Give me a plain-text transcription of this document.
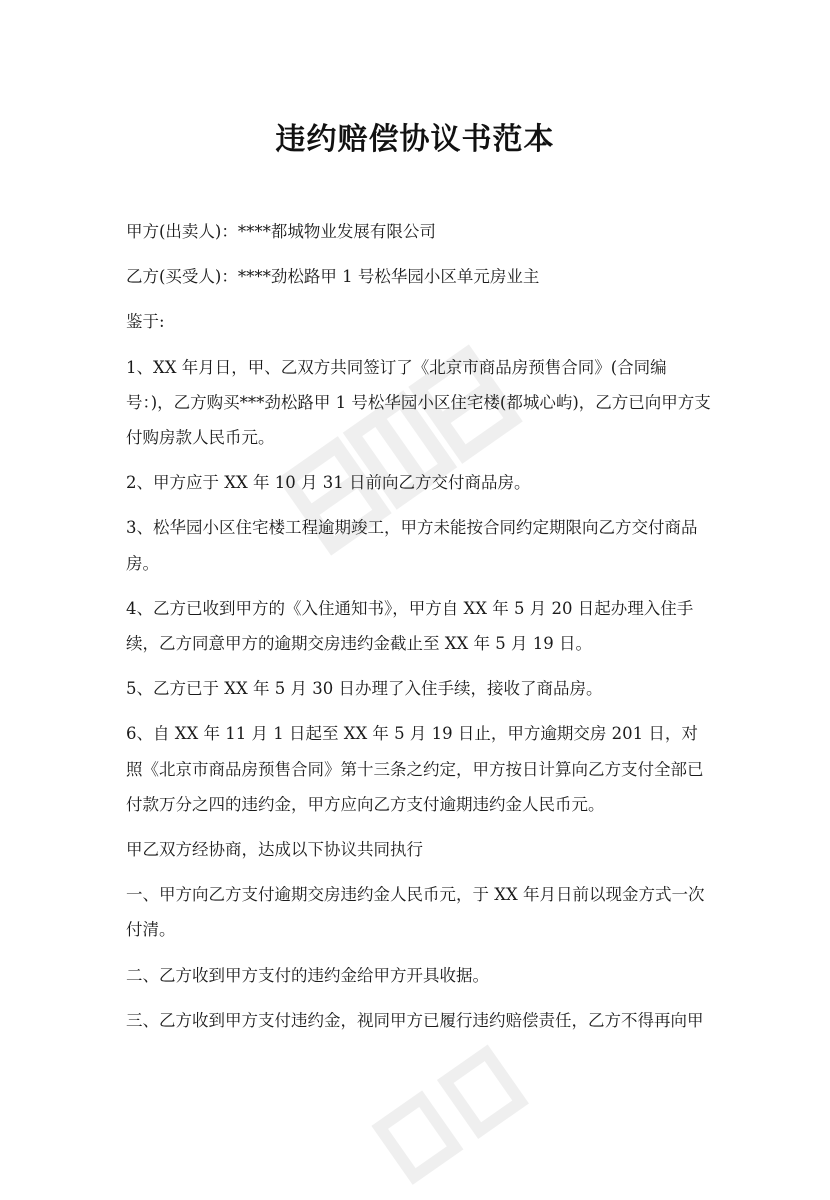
违约赔偿协议书范本

甲方(出卖人)：****都城物业发展有限公司

乙方(买受人)：****劲松路甲 1 号松华园小区单元房业主

鉴于:

1、XX 年月日，甲、乙双方共同签订了《北京市商品房预售合同》(合同编号：)，乙方购买***劲松路甲 1 号松华园小区住宅楼(都城心屿)，乙方已向甲方支付购房款人民币元。

2、甲方应于 XX 年 10 月 31 日前向乙方交付商品房。

3、松华园小区住宅楼工程逾期竣工，甲方未能按合同约定期限向乙方交付商品房。

4、乙方已收到甲方的《入住通知书》，甲方自 XX 年 5 月 20 日起办理入住手续，乙方同意甲方的逾期交房违约金截止至 XX 年 5 月 19 日。

5、乙方已于 XX 年 5 月 30 日办理了入住手续，接收了商品房。

6、自 XX 年 11 月 1 日起至 XX 年 5 月 19 日止，甲方逾期交房 201 日，对照《北京市商品房预售合同》第十三条之约定，甲方按日计算向乙方支付全部已付款万分之四的违约金，甲方应向乙方支付逾期违约金人民币元。

甲乙双方经协商，达成以下协议共同执行

一、甲方向乙方支付逾期交房违约金人民币元，于 XX 年月日前以现金方式一次付清。

二、乙方收到甲方支付的违约金给甲方开具收据。

三、乙方收到甲方支付违约金，视同甲方已履行违约赔偿责任，乙方不得再向甲
